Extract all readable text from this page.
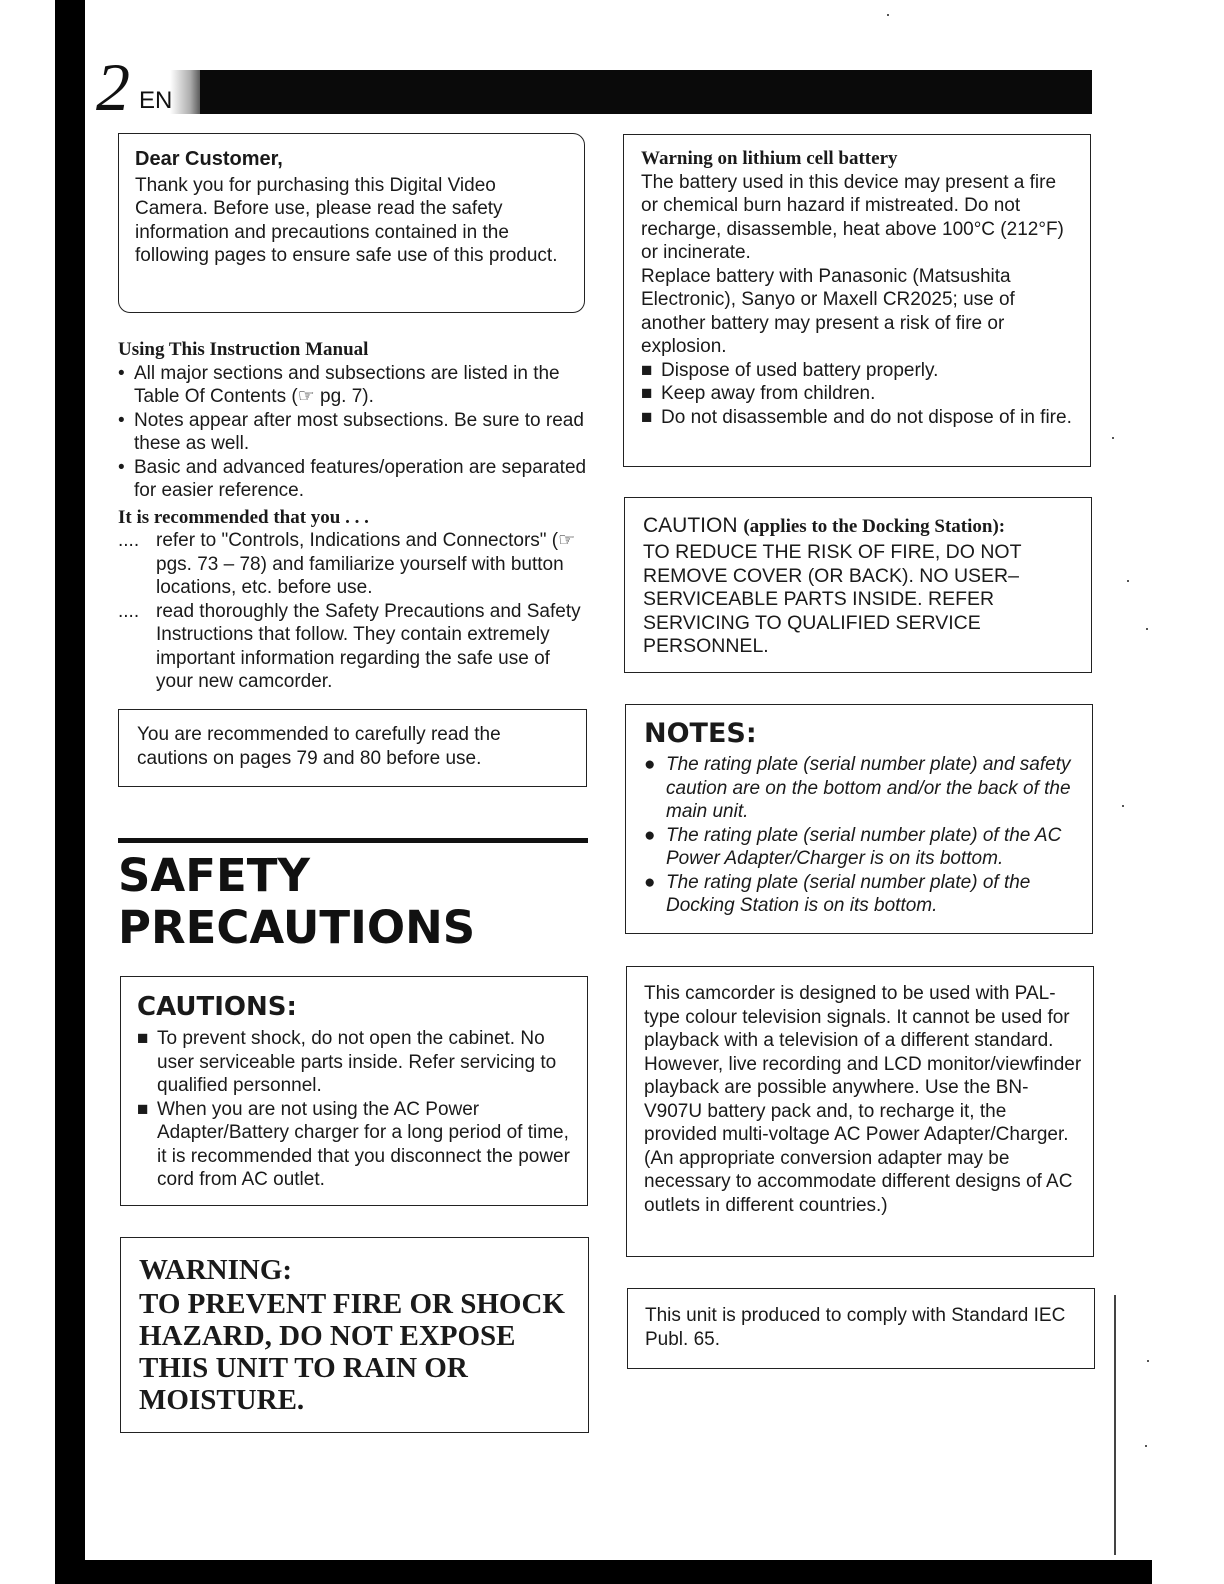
2 EN
Dear Customer,
Thank you for purchasing this Digital Video Camera. Before use, please read the safety information and precautions contained in the following pages to ensure safe use of this product.
Using This Instruction Manual
• All major sections and subsections are listed in the Table Of Contents (☞ pg. 7).
• Notes appear after most subsections. Be sure to read these as well.
• Basic and advanced features/operation are separated for easier reference.
It is recommended that you . . .
.... refer to "Controls, Indications and Connectors" (☞ pgs. 73 – 78) and familiarize yourself with button locations, etc. before use.
.... read thoroughly the Safety Precautions and Safety Instructions that follow. They contain extremely important information regarding the safe use of your new camcorder.
You are recommended to carefully read the cautions on pages 79 and 80 before use.
SAFETY
PRECAUTIONS
CAUTIONS:
■ To prevent shock, do not open the cabinet. No user serviceable parts inside. Refer servicing to qualified personnel.
■ When you are not using the AC Power Adapter/Battery charger for a long period of time, it is recommended that you disconnect the power cord from AC outlet.
WARNING:
TO PREVENT FIRE OR SHOCK HAZARD, DO NOT EXPOSE THIS UNIT TO RAIN OR MOISTURE.
Warning on lithium cell battery
The battery used in this device may present a fire or chemical burn hazard if mistreated. Do not recharge, disassemble, heat above 100°C (212°F) or incinerate.
Replace battery with Panasonic (Matsushita Electronic), Sanyo or Maxell CR2025; use of another battery may present a risk of fire or explosion.
■ Dispose of used battery properly.
■ Keep away from children.
■ Do not disassemble and do not dispose of in fire.
CAUTION (applies to the Docking Station):
TO REDUCE THE RISK OF FIRE, DO NOT REMOVE COVER (OR BACK). NO USER–SERVICEABLE PARTS INSIDE. REFER SERVICING TO QUALIFIED SERVICE PERSONNEL.
NOTES:
● The rating plate (serial number plate) and safety caution are on the bottom and/or the back of the main unit.
● The rating plate (serial number plate) of the AC Power Adapter/Charger is on its bottom.
● The rating plate (serial number plate) of the Docking Station is on its bottom.
This camcorder is designed to be used with PAL-type colour television signals. It cannot be used for playback with a television of a different standard. However, live recording and LCD monitor/viewfinder playback are possible anywhere. Use the BN-V907U battery pack and, to recharge it, the provided multi-voltage AC Power Adapter/Charger. (An appropriate conversion adapter may be necessary to accommodate different designs of AC outlets in different countries.)
This unit is produced to comply with Standard IEC Publ. 65.
